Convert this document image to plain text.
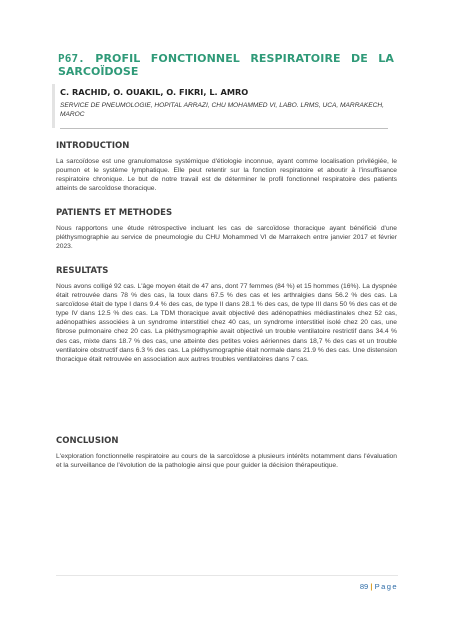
P67. PROFIL FONCTIONNEL RESPIRATOIRE DE LA
SARCOÏDOSE
C. RACHID, O. OUAKIL, O. FIKRI, L. AMRO
SERVICE DE PNEUMOLOGIE, HOPITAL ARRAZI, CHU MOHAMMED VI, LABO. LRMS, UCA, MARRAKECH, MAROC
INTRODUCTION
La sarcoïdose est une granulomatose systémique d'étiologie inconnue, ayant comme localisation privilégiée, le poumon et le système lymphatique. Elle peut retentir sur la fonction respiratoire et aboutir à l'insuffisance respiratoire chronique. Le but de notre travail est de déterminer le profil fonctionnel respiratoire des patients atteints de sarcoïdose thoracique.
PATIENTS ET METHODES
Nous rapportons une étude rétrospective incluant les cas de sarcoïdose thoracique ayant bénéficié d'une pléthysmographie au service de pneumologie du CHU Mohammed VI de Marrakech entre janvier 2017 et février 2023.
RESULTATS
Nous avons colligé 92 cas. L'âge moyen était de 47 ans, dont 77 femmes (84 %) et 15 hommes (16%). La dyspnée était retrouvée dans 78 % des cas, la toux dans 67.5 % des cas et les arthralgies dans 56.2 % des cas. La sarcoïdose était de type I dans 9.4 % des cas, de type II dans 28.1 % des cas, de type III dans 50 % des cas et de type IV dans 12.5 % des cas. La TDM thoracique avait objectivé des adénopathies médiastinales chez 52 cas, adénopathies associées à un syndrome interstitiel chez 40 cas, un syndrome interstitiel isolé chez 20 cas, une fibrose pulmonaire chez 20 cas. La pléthysmographie avait objectivé un trouble ventilatoire restrictif dans 34.4 % des cas, mixte dans 18.7 % des cas, une atteinte des petites voies aériennes dans 18,7 % des cas et un trouble ventilatoire obstructif dans 6.3 % des cas. La pléthysmographie était normale dans 21.9 % des cas. Une distension thoracique était retrouvée en association aux autres troubles ventilatoires dans 7 cas.
CONCLUSION
L'exploration fonctionnelle respiratoire au cours de la sarcoïdose a plusieurs intérêts notamment dans l'évaluation et la surveillance de l'évolution de la pathologie ainsi que pour guider la décision thérapeutique.
89 | Page
